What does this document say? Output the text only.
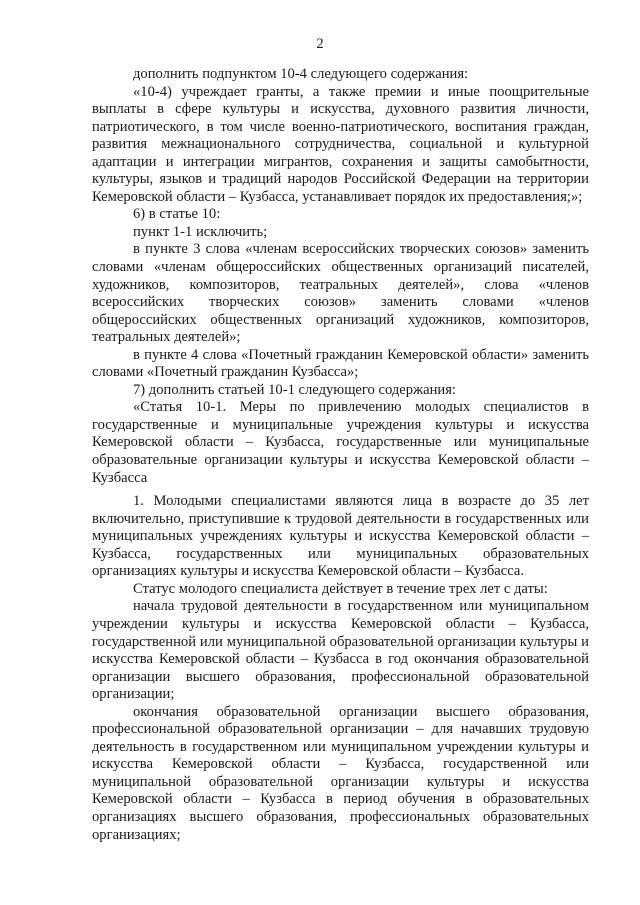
2

дополнить подпунктом 10-4 следующего содержания:

«10-4) учреждает гранты, а также премии и иные поощрительные выплаты в сфере культуры и искусства, духовного развития личности, патриотического, в том числе военно-патриотического, воспитания граждан, развития межнационального сотрудничества, социальной и культурной адаптации и интеграции мигрантов, сохранения и защиты самобытности, культуры, языков и традиций народов Российской Федерации на территории Кемеровской области – Кузбасса, устанавливает порядок их предоставления;»;

6) в статье 10:

пункт 1-1 исключить;

в пункте 3 слова «членам всероссийских творческих союзов» заменить словами «членам общероссийских общественных организаций писателей, художников, композиторов, театральных деятелей», слова «членов всероссийских творческих союзов» заменить словами «членов общероссийских общественных организаций художников, композиторов, театральных деятелей»;

в пункте 4 слова «Почетный гражданин Кемеровской области» заменить словами «Почетный гражданин Кузбасса»;

7) дополнить статьей 10-1 следующего содержания:

«Статья 10-1. Меры по привлечению молодых специалистов в государственные и муниципальные учреждения культуры и искусства Кемеровской области – Кузбасса, государственные или муниципальные образовательные организации культуры и искусства Кемеровской области – Кузбасса

1. Молодыми специалистами являются лица в возрасте до 35 лет включительно, приступившие к трудовой деятельности в государственных или муниципальных учреждениях культуры и искусства Кемеровской области – Кузбасса, государственных или муниципальных образовательных организациях культуры и искусства Кемеровской области – Кузбасса.

Статус молодого специалиста действует в течение трех лет с даты:

начала трудовой деятельности в государственном или муниципальном учреждении культуры и искусства Кемеровской области – Кузбасса, государственной или муниципальной образовательной организации культуры и искусства Кемеровской области – Кузбасса в год окончания образовательной организации высшего образования, профессиональной образовательной организации;

окончания образовательной организации высшего образования, профессиональной образовательной организации – для начавших трудовую деятельность в государственном или муниципальном учреждении культуры и искусства Кемеровской области – Кузбасса, государственной или муниципальной образовательной организации культуры и искусства Кемеровской области – Кузбасса в период обучения в образовательных организациях высшего образования, профессиональных образовательных организациях;
